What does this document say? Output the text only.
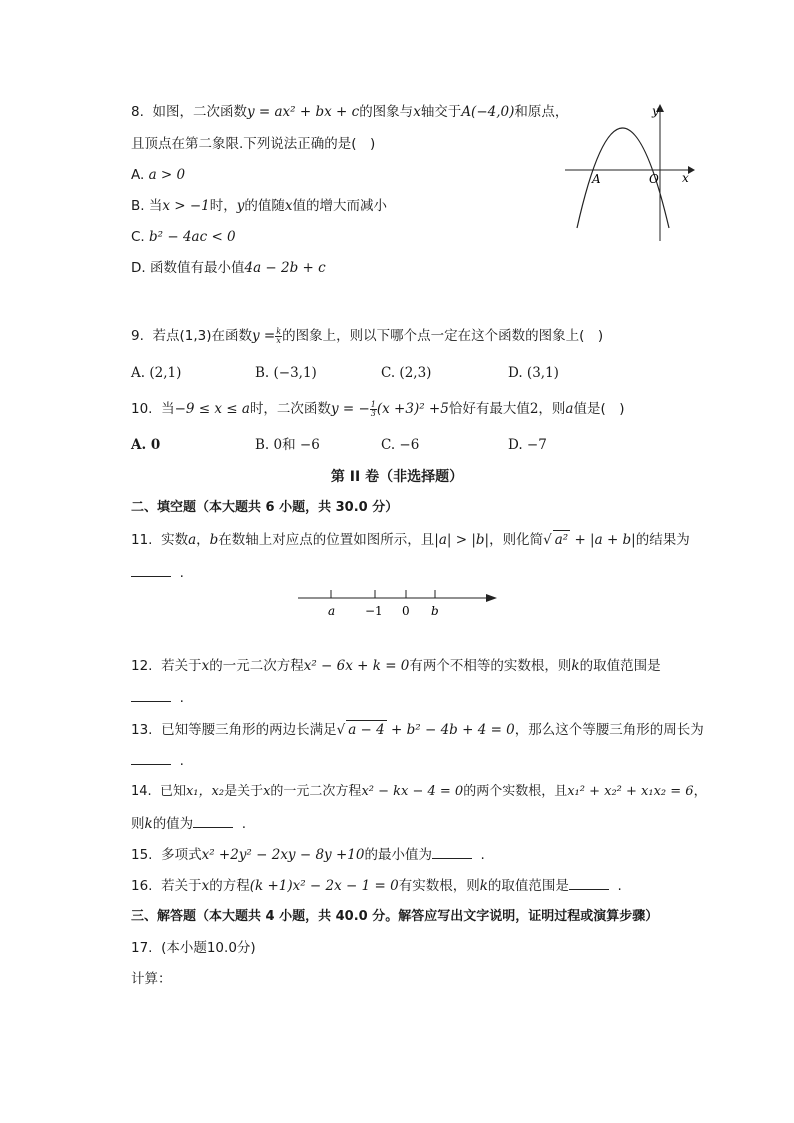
8. 如图，二次函数y = ax² + bx + c的图象与x轴交于A(−4,0)和原点，

且顶点在第二象限.下列说法正确的是(　)

A. a > 0

B. 当x > −1时，y的值随x值的增大而减小

C. b² − 4ac < 0

D. 函数值有最小值4a − 2b + c

y
x
A	O

9. 若点(1,3)在函数$y = \frac{k}{x}$ 的图象上，则以下哪个点一定在这个函数的图象上(　)

A. (2,1)	B. (−3,1)	C. (2,3)	D. (3,1)

10. 当−9 ≤ x ≤ a时，二次函数y = − $\frac{1}{3} (x +3)^2 +5$恰好有最大值2，则a值是(　)

A. 0	B. 0和 −6	C. −6	D. −7

第 II 卷（非选择题）

二、填空题（本大题共 6 小题，共 30.0 分）

11. 实数a，b在数轴上对应点的位置如图所示，且|a| > |b|，则化简√ a² + |a + b|的结果为

.

a −1 0 b

12. 若关于x的一元二次方程x² − 6x + k = 0有两个不相等的实数根，则k的取值范围是

.

13. 已知等腰三角形的两边长满足√ a − 4 + b² − 4b + 4 = 0，那么这个等腰三角形的周长为

.

14. 已知x₁，x₂是关于x的一元二次方程x² − kx − 4 = 0的两个实数根，且x₁² + x₂² + x₁x₂ = 6，

则k的值为	.

15. 多项式x² +2y² − 2xy − 8y +10的最小值为	.

16. 若关于x的方程(k +1)x² − 2x − 1 = 0有实数根，则k的取值范围是	.

三、解答题（本大题共 4 小题，共 40.0 分。解答应写出文字说明，证明过程或演算步骤）

17. (本小题10.0分)

计算：
